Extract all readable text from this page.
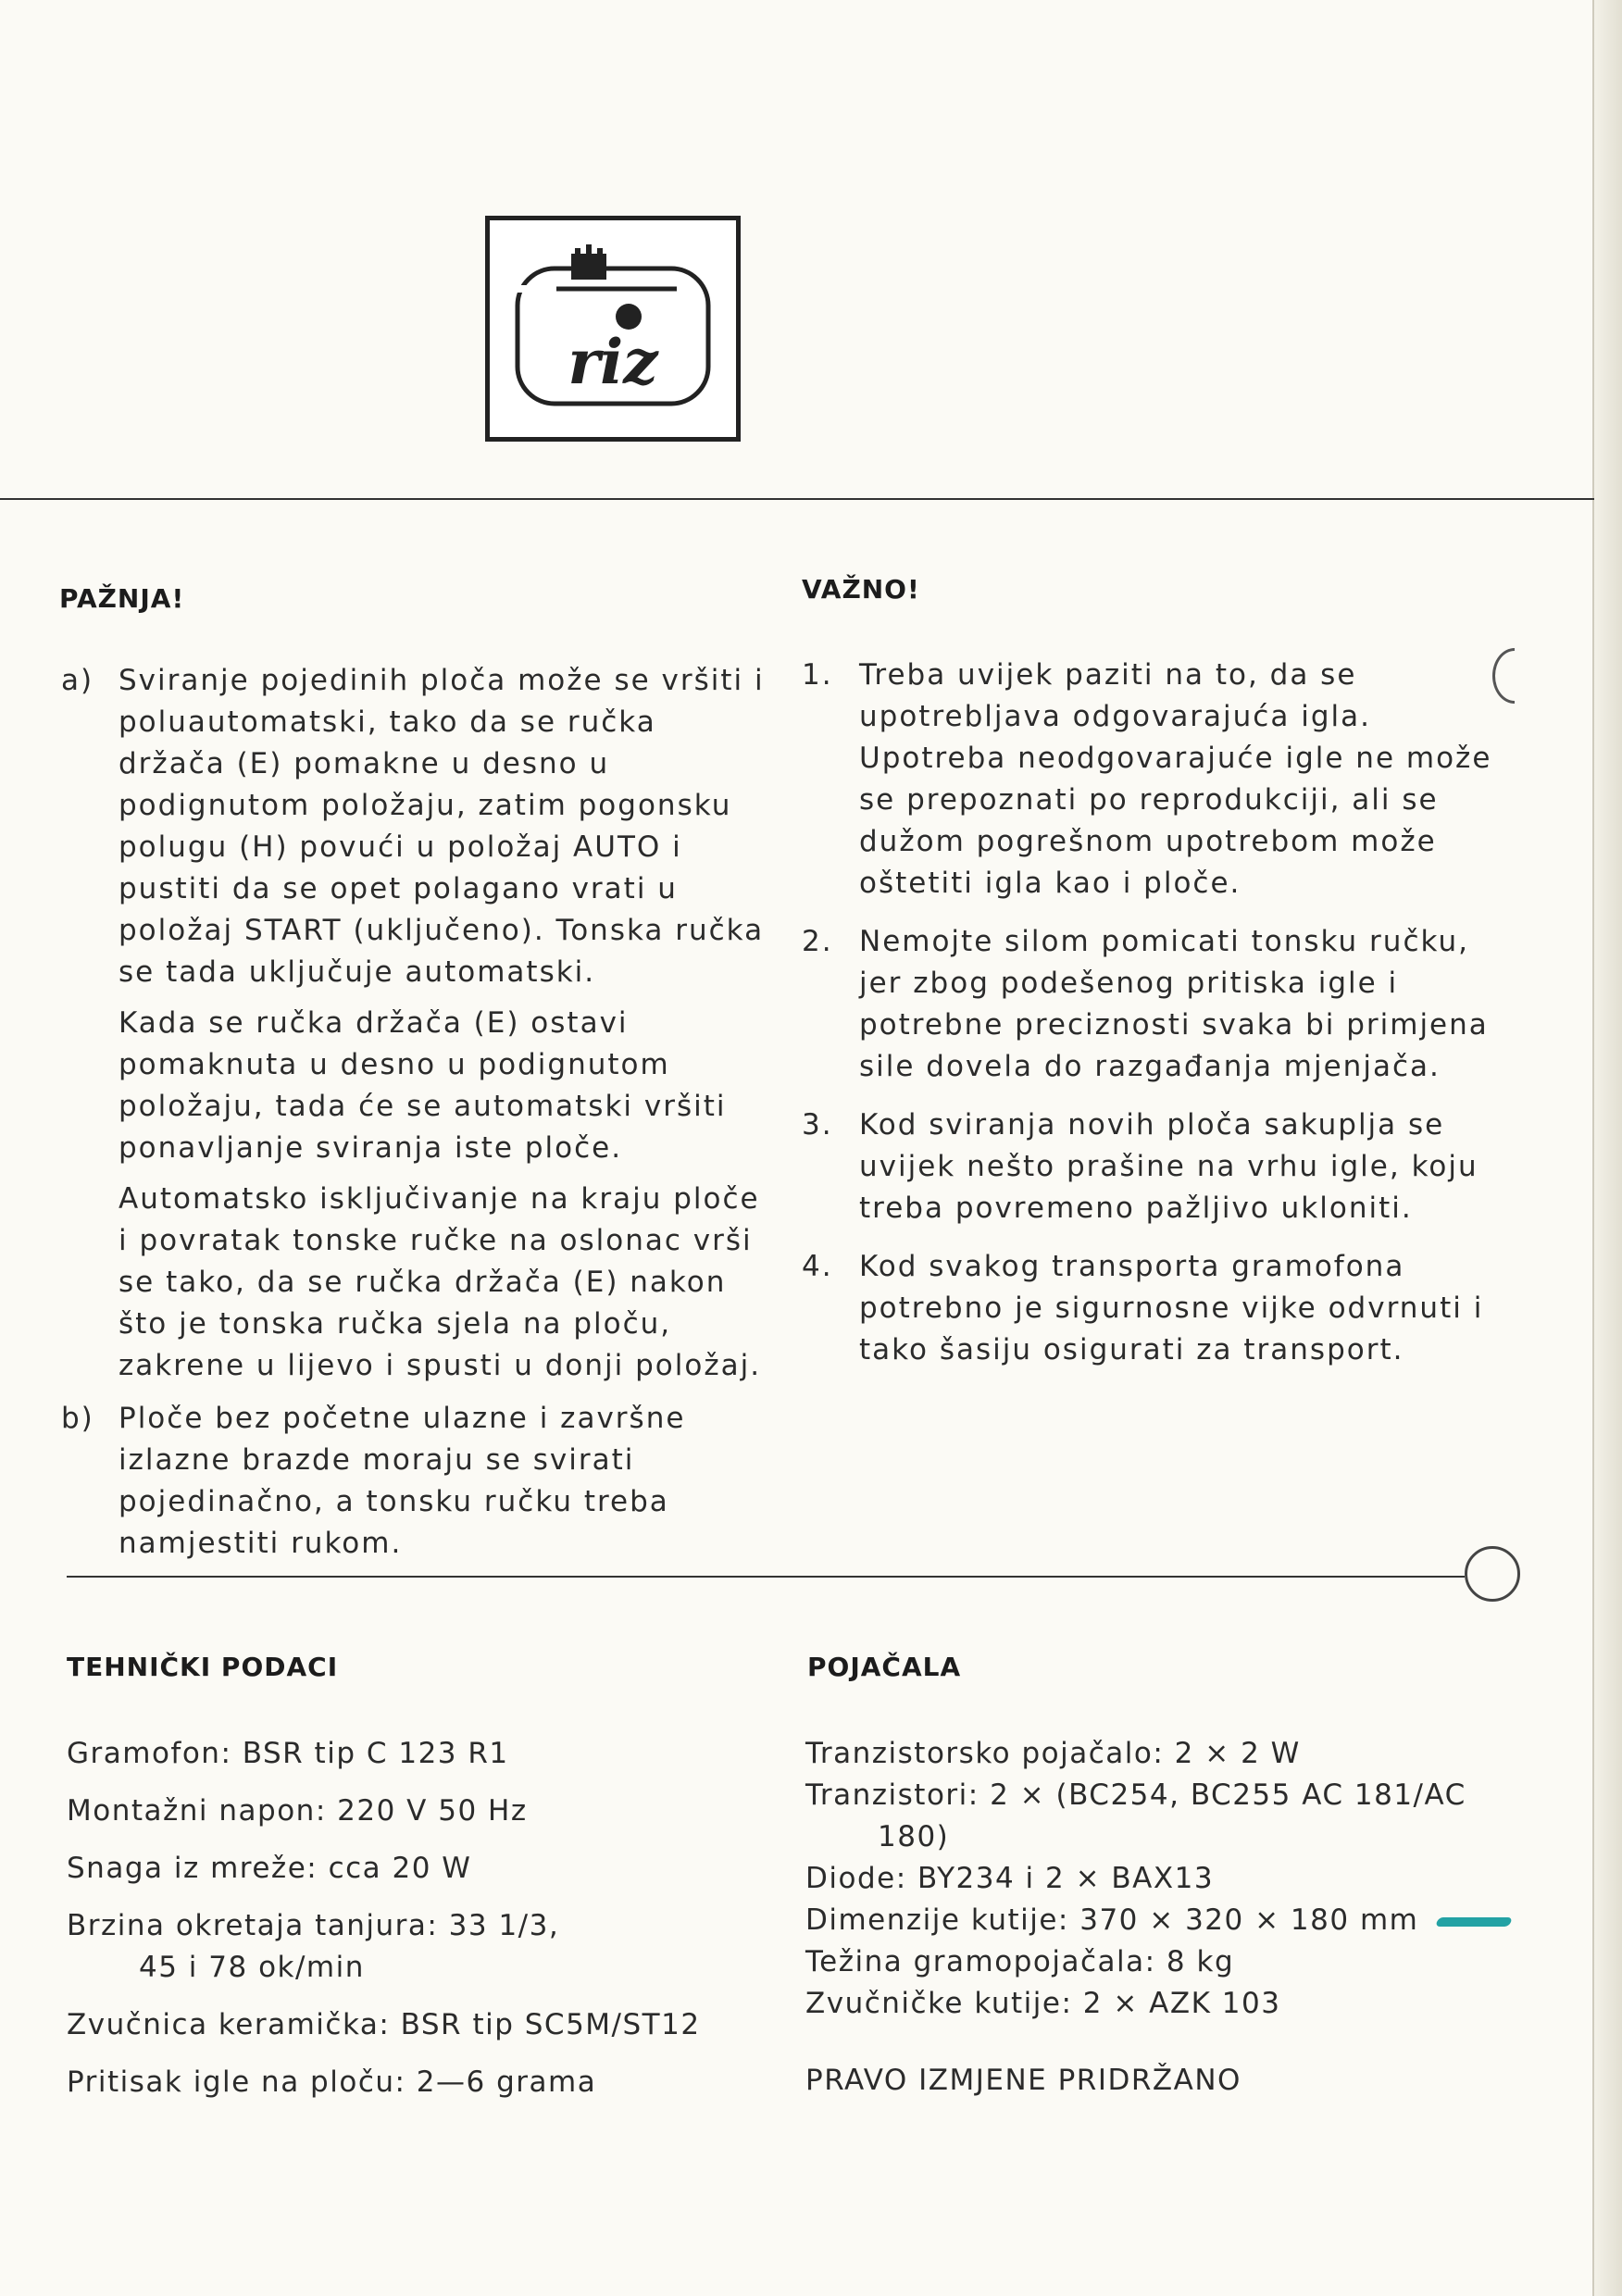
riz
PAŽNJA!
a) Sviranje pojedinih ploča može se vršiti i poluautomatski, tako da se ručka držača (E) pomakne u desno u podignutom položaju, zatim pogonsku polugu (H) povući u položaj AUTO i pustiti da se opet polagano vrati u položaj START (uključeno). Tonska ručka se tada uključuje automatski.

Kada se ručka držača (E) ostavi pomaknuta u desno u podignutom položaju, tada će se automatski vršiti ponavljanje sviranja iste ploče.

Automatsko isključivanje na kraju ploče i povratak tonske ručke na oslonac vrši se tako, da se ručka držača (E) nakon što je tonska ručka sjela na ploču, zakrene u lijevo i spusti u donji položaj.

b) Ploče bez početne ulazne i završne izlazne brazde moraju se svirati pojedinačno, a tonsku ručku treba namjestiti rukom.

VAŽNO!
1. Treba uvijek paziti na to, da se upotrebljava odgovarajuća igla. Upotreba neodgovarajuće igle ne može se prepoznati po reprodukciji, ali se dužom pogrešnom upotrebom može oštetiti igla kao i ploče.

2. Nemojte silom pomicati tonsku ručku, jer zbog podešenog pritiska igle i potrebne preciznosti svaka bi primjena sile dovela do razgađanja mjenjača.

3. Kod sviranja novih ploča sakuplja se uvijek nešto prašine na vrhu igle, koju treba povremeno pažljivo ukloniti.

4. Kod svakog transporta gramofona potrebno je sigurnosne vijke odvrnuti i tako šasiju osigurati za transport.

TEHNIČKI PODACI

Gramofon: BSR tip C 123 R1

Montažni napon: 220 V 50 Hz

Snaga iz mreže: cca 20 W

Brzina okretaja tanjura: 33 1/3,
45 i 78 ok/min

Zvučnica keramička: BSR tip SC5M/ST12

Pritisak igle na ploču: 2—6 grama

POJAČALA

Tranzistorsko pojačalo: 2 × 2 W

Tranzistori: 2 × (BC254, BC255 AC 181/AC
180)

Diode: BY234 i 2 × BAX13

Dimenzije kutije: 370 × 320 × 180 mm

Težina gramopojačala: 8 kg

Zvučničke kutije: 2 × AZK 103

PRAVO IZMJENE PRIDRŽANO
